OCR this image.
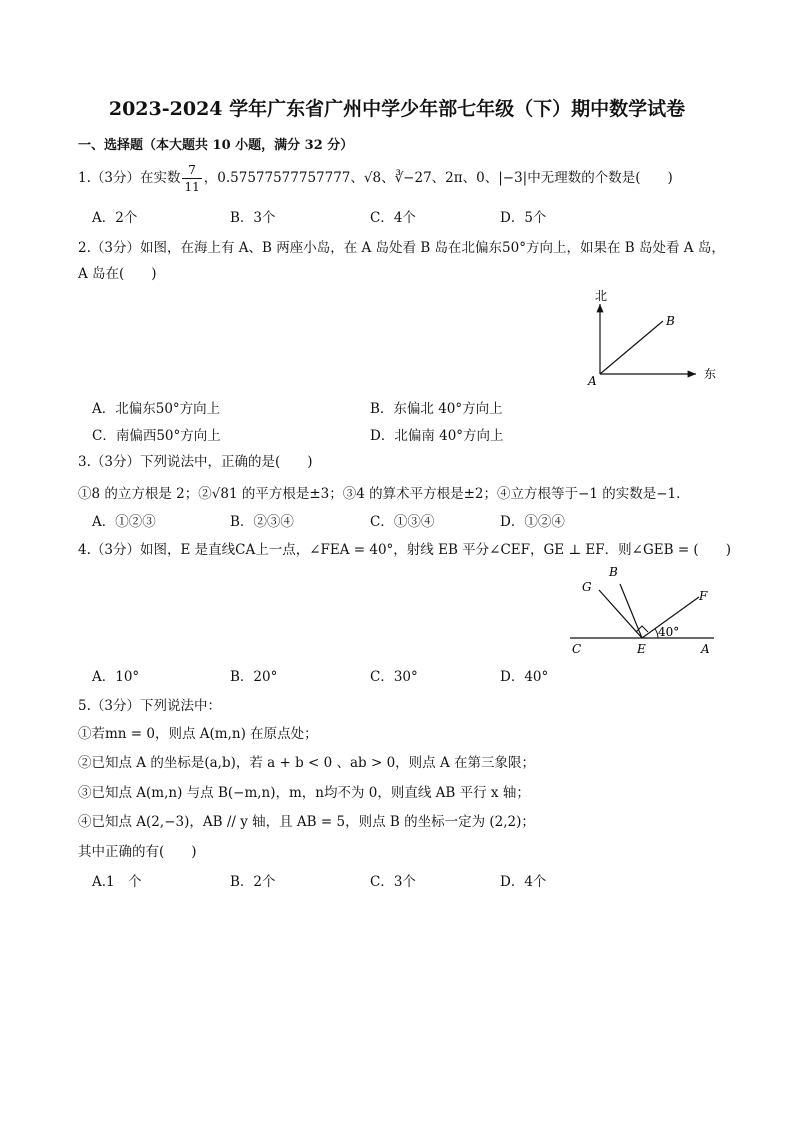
2023-2024 学年广东省广州中学少年部七年级（下）期中数学试卷
一、选择题（本大题共 10 小题，满分 32 分）
1.（3分）在实数 $\frac{7}{11}$ ，0.57577577757777、√8、∛−27、2π、0、|−3|中无理数的个数是(　　)
A．2个	B．3个	C．4个	D．5个
2.（3分）如图，在海上有 A、B 两座小岛，在 A 岛处看 B 岛在北偏东50°方向上，如果在 B 岛处看 A 岛，
A 岛在(　　)
北
东
A
B
A．北偏东50°方向上	B．东偏北 40°方向上
C．南偏西50°方向上	D．北偏南 40°方向上
3.（3分）下列说法中，正确的是(　　)
①8 的立方根是 2；②√81 的平方根是±3；③4 的算术平方根是±2；④立方根等于−1 的实数是−1．
A．①②③	B．②③④	C．①③④	D．①②④
4.（3分）如图，E 是直线CA上一点，∠FEA = 40°，射线 EB 平分∠CEF，GE ⊥ EF．则∠GEB = (　　)
40°
G
B
F
C	E	A
A．10°	B．20°	C．30°	D．40°
5.（3分）下列说法中：
①若mn = 0，则点 A(m,n) 在原点处；
②已知点 A 的坐标是(a,b)，若 a + b < 0 、ab > 0，则点 A 在第三象限；
③已知点 A(m,n) 与点 B(−m,n)，m，n均不为 0，则直线 AB 平行 x 轴；
④已知点 A(2,−3)，AB // y 轴，且 AB = 5，则点 B 的坐标一定为 (2,2)；
其中正确的有(　　)
A.1　个	B．2个	C．3个	D．4个
